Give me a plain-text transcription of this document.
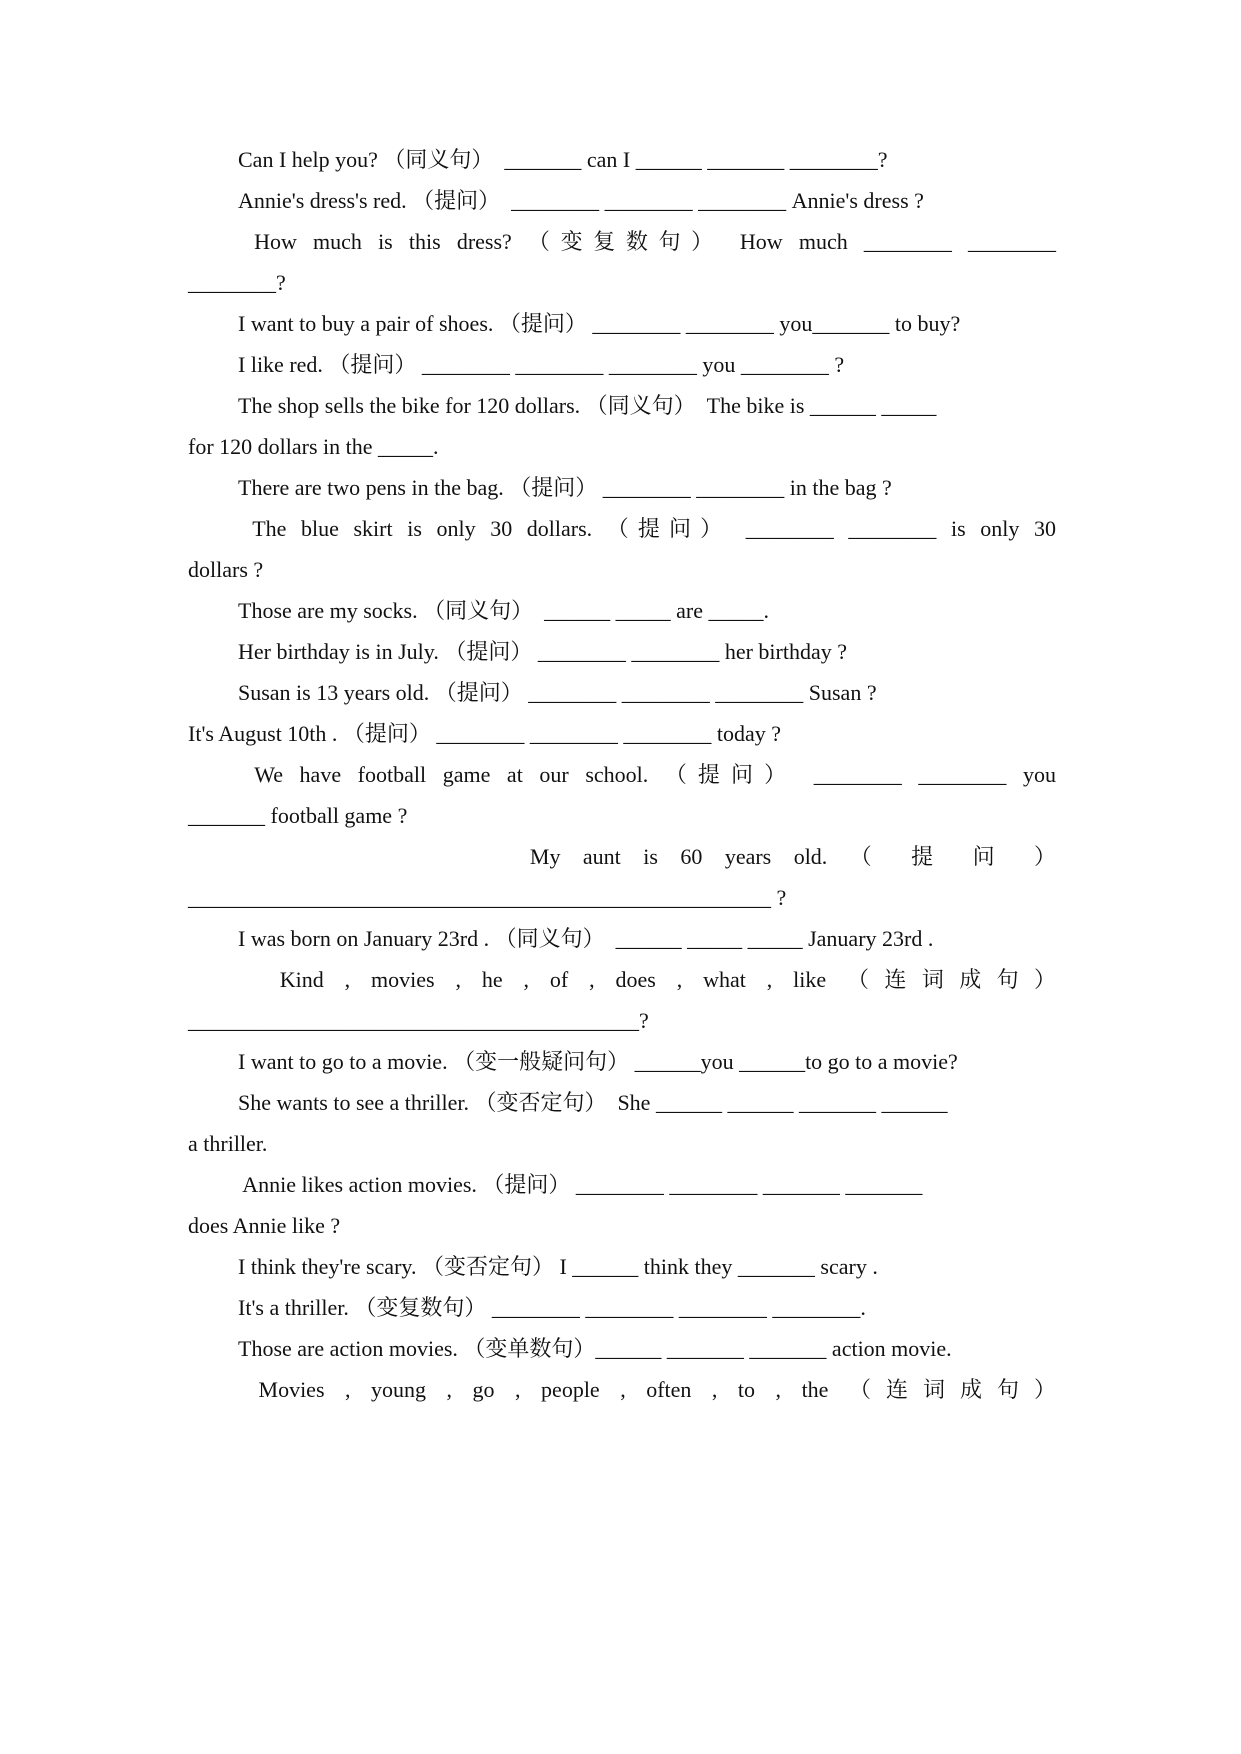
Can I help you? （同义句）  _______ can I ______ _______ ________?

Annie's dress's red. （提问）  ________ ________ ________ Annie's dress ?

How much is this dress? （变复数句） How much ________ ________

________?

I want to buy a pair of shoes. （提问） ________ ________ you_______ to buy?

I like red. （提问） ________ ________ ________ you ________ ?

The shop sells the bike for 120 dollars. （同义句）  The bike is ______ _____

for 120 dollars in the _____.

There are two pens in the bag. （提问） ________ ________ in the bag ?

The blue skirt is only 30 dollars. （提问） ________ ________ is only 30

dollars ?

Those are my socks. （同义句）  ______ _____ are _____.

Her birthday is in July. （提问） ________ ________ her birthday ?

Susan is 13 years old. （提问） ________ ________ ________ Susan ?

It's August 10th . （提问） ________ ________ ________ today ?

We have football game at our school. （提问） ________ ________ you

_______ football game ?

My aunt is 60 years old. （ 提 问 ）

_____________________________________________________ ?

I was born on January 23rd . （同义句）  ______ _____ _____ January 23rd .

Kind , movies , he , of , does , what , like （连词成句）

_________________________________________?

I want to go to a movie. （变一般疑问句） ______you ______to go to a movie?

She wants to see a thriller. （变否定句）  She ______ ______ _______ ______

a thriller.

Annie likes action movies. （提问） ________ ________ _______ _______

does Annie like ?

I think they're scary. （变否定句） I ______ think they _______ scary .

It's a thriller. （变复数句） ________ ________ ________ ________.

Those are action movies. （变单数句）______ _______ _______ action movie.

Movies , young , go , people , often , to , the （连词成句）
